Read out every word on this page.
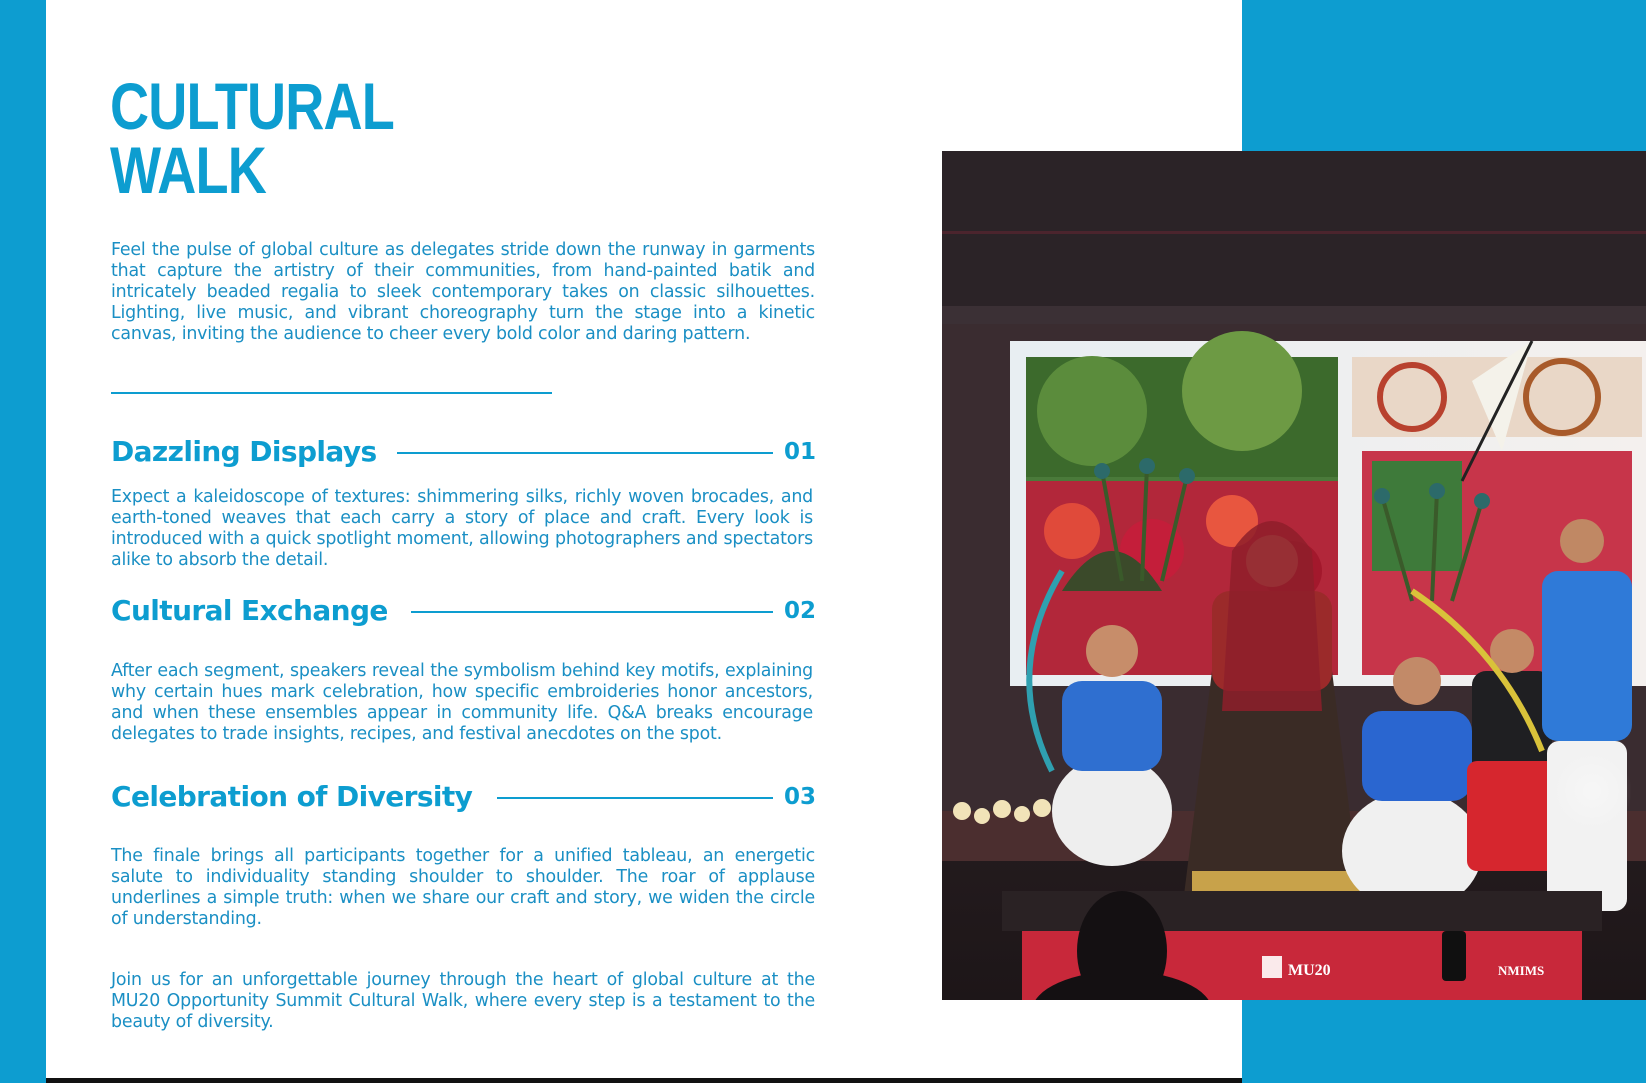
CULTURAL
WALK

Feel the pulse of global culture as delegates stride down the runway in garments that capture the artistry of their communities, from hand-painted batik and intricately beaded regalia to sleek contemporary takes on classic silhouettes. Lighting, live music, and vibrant choreography turn the stage into a kinetic canvas, inviting the audience to cheer every bold color and daring pattern.

Dazzling Displays	01

Expect a kaleidoscope of textures: shimmering silks, richly woven brocades, and earth-toned weaves that each carry a story of place and craft. Every look is introduced with a quick spotlight moment, allowing photographers and spectators alike to absorb the detail.

Cultural Exchange	02

After each segment, speakers reveal the symbolism behind key motifs, explaining why certain hues mark celebration, how specific embroideries honor ancestors, and when these ensembles appear in community life. Q&A breaks encourage delegates to trade insights, recipes, and festival anecdotes on the spot.

Celebration of Diversity	03

The finale brings all participants together for a unified tableau, an energetic salute to individuality standing shoulder to shoulder. The roar of applause underlines a simple truth: when we share our craft and story, we widen the circle of understanding.

Join us for an unforgettable journey through the heart of global culture at the MU20 Opportunity Summit Cultural Walk, where every step is a testament to the beauty of diversity.

MU20	NMIMS
